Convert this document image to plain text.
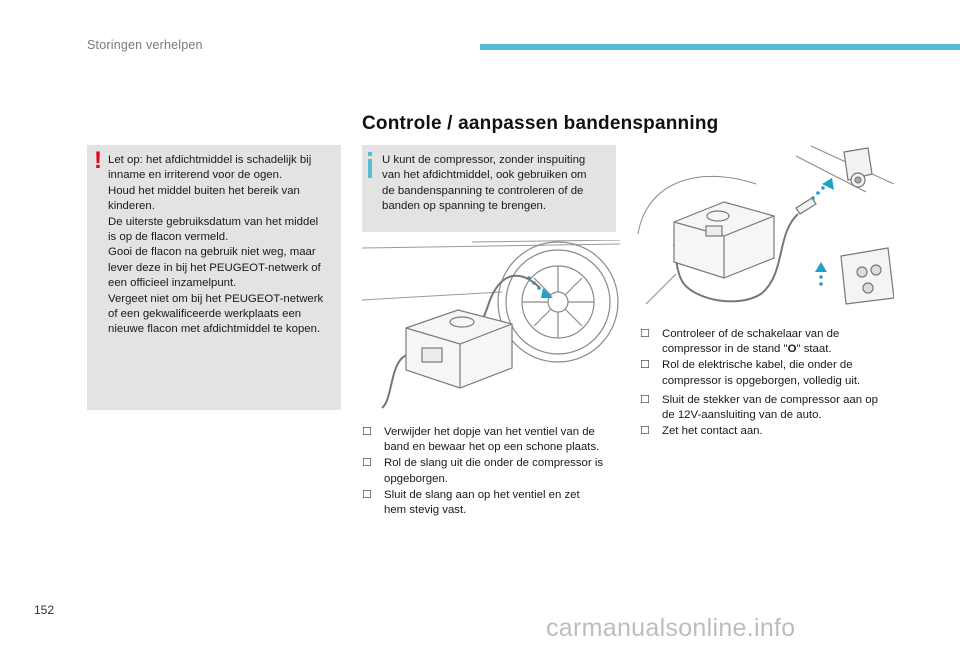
Storingen verhelpen
Controle / aanpassen bandenspanning
! Let op: het afdichtmiddel is schadelijk bij
inname en irriterend voor de ogen.
Houd het middel buiten het bereik van
kinderen.
De uiterste gebruiksdatum van het middel
is op de flacon vermeld.
Gooi de flacon na gebruik niet weg, maar
lever deze in bij het PEUGEOT-netwerk of
een officieel inzamelpunt.
Vergeet niet om bij het PEUGEOT-netwerk
of een gekwalificeerde werkplaats een
nieuwe flacon met afdichtmiddel te kopen.
U kunt de compressor, zonder inspuiting
van het afdichtmiddel, ook gebruiken om
de bandenspanning te controleren of de
banden op spanning te brengen.
☐ Verwijder het dopje van het ventiel van de
band en bewaar het op een schone plaats.
☐ Rol de slang uit die onder de compressor is
opgeborgen.
☐ Sluit de slang aan op het ventiel en zet
hem stevig vast.
☐ Controleer of de schakelaar van de
compressor in de stand "O" staat.
☐ Rol de elektrische kabel, die onder de
compressor is opgeborgen, volledig uit.
☐ Sluit de stekker van de compressor aan op
de 12V-aansluiting van de auto.
☐ Zet het contact aan.
152
carmanualsonline.info
